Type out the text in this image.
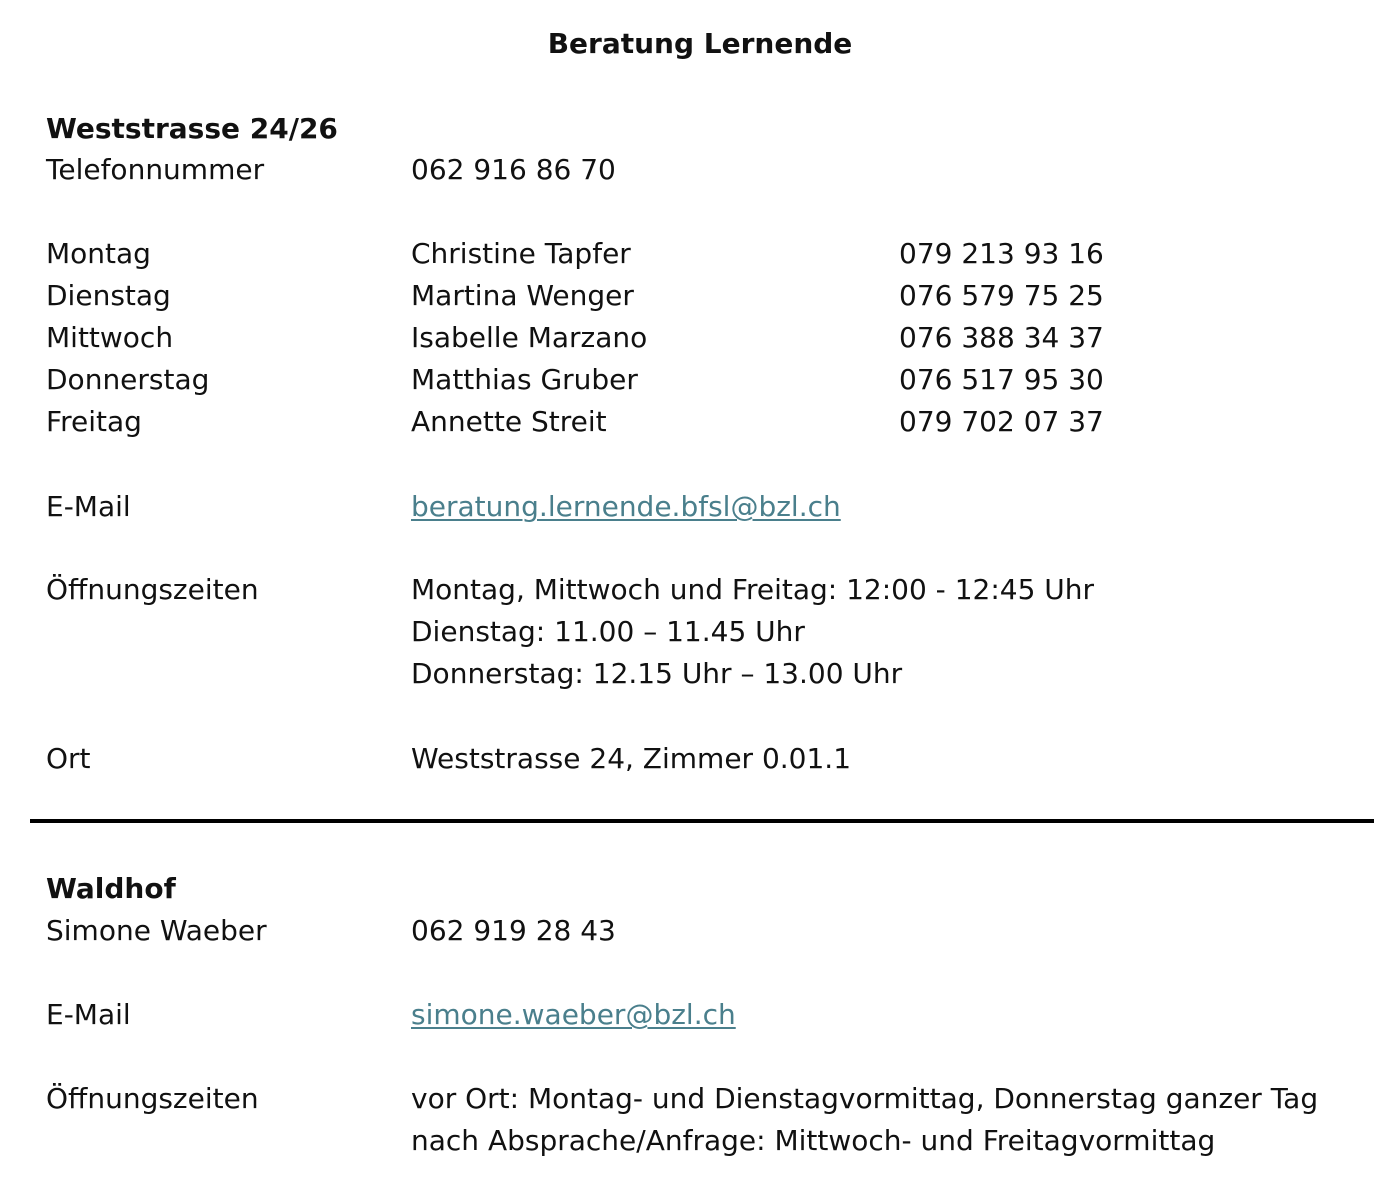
Beratung Lernende
Weststrasse 24/26
Telefonnummer	062 916 86 70
Montag	Christine Tapfer	079 213 93 16
Dienstag	Martina Wenger	076 579 75 25
Mittwoch	Isabelle Marzano	076 388 34 37
Donnerstag	Matthias Gruber	076 517 95 30
Freitag	Annette Streit	079 702 07 37
E-Mail	beratung.lernende.bfsl@bzl.ch
Öffnungszeiten	Montag, Mittwoch und Freitag: 12:00 - 12:45 Uhr
Dienstag: 11.00 – 11.45 Uhr
Donnerstag: 12.15 Uhr – 13.00 Uhr
Ort	Weststrasse 24, Zimmer 0.01.1
Waldhof
Simone Waeber	062 919 28 43
E-Mail	simone.waeber@bzl.ch
Öffnungszeiten	vor Ort: Montag- und Dienstagvormittag, Donnerstag ganzer Tag
nach Absprache/Anfrage: Mittwoch- und Freitagvormittag
